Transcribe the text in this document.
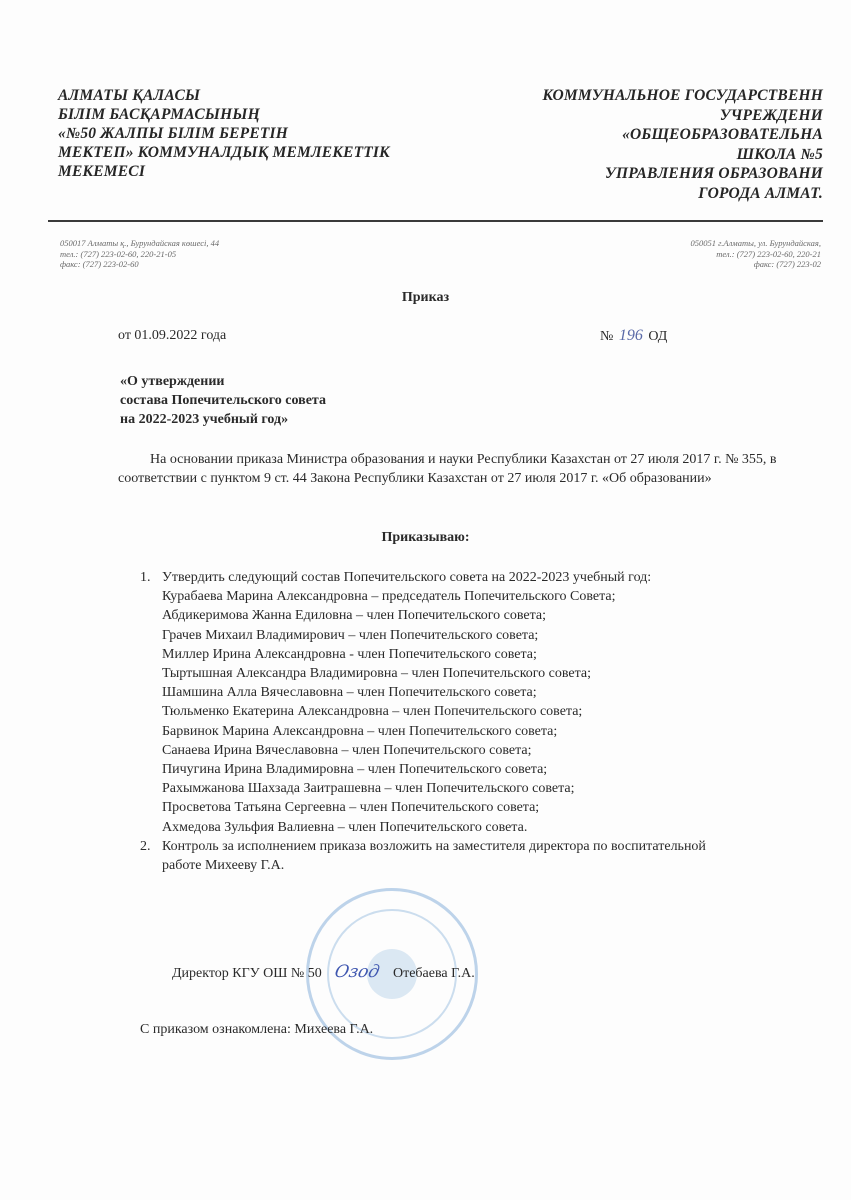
АЛМАТЫ ҚАЛАСЫ
БІЛІМ БАСҚАРМАСЫНЫҢ
«№50 ЖАЛПЫ БІЛІМ БЕРЕТІН
МЕКТЕП» КОММУНАЛДЫҚ МЕМЛЕКЕТТІК
МЕКЕМЕСІ
КОММУНАЛЬНОЕ ГОСУДАРСТВЕНН
УЧРЕЖДЕНИ
«ОБЩЕОБРАЗОВАТЕЛЬНА
ШКОЛА №5
УПРАВЛЕНИЯ ОБРАЗОВАНИ
ГОРОДА АЛМАТ.
050017 Алматы қ., Бурундайская көшесі, 44
тел.: (727) 223-02-60, 220-21-05
факс: (727) 223-02-60
050051 г.Алматы, ул. Бурундайская,
тел.: (727) 223-02-60, 220-21
факс: (727) 223-02
Приказ
от 01.09.2022 года	№ 196 ОД
«О утверждении
состава Попечительского совета
на 2022-2023 учебный год»
На основании приказа Министра образования и науки Республики Казахстан от 27 июля 2017 г. № 355, в соответствии с пунктом 9 ст. 44 Закона Республики Казахстан от 27 июля 2017 г. «Об образовании»
Приказываю:
1. Утвердить следующий состав Попечительского совета на 2022-2023 учебный год:
Курабаева Марина Александровна – председатель Попечительского Совета;
Абдикеримова Жанна Едиловна – член Попечительского совета;
Грачев Михаил Владимирович – член Попечительского совета;
Миллер Ирина Александровна - член Попечительского совета;
Тыртышная Александра Владимировна – член Попечительского совета;
Шамшина Алла Вячеславовна – член Попечительского совета;
Тюльменко Екатерина Александровна – член Попечительского совета;
Барвинок Марина Александровна – член Попечительского совета;
Санаева Ирина Вячеславовна – член Попечительского совета;
Пичугина Ирина Владимировна – член Попечительского совета;
Рахымжанова Шахзада Заитрашевна – член Попечительского совета;
Просветова Татьяна Сергеевна – член Попечительского совета;
Ахмедова Зульфия Валиевна – член Попечительского совета.
2. Контроль за исполнением приказа возложить на заместителя директора по воспитательной работе Михееву Г.А.
Директор КГУ ОШ № 50 Озод Отебаева Г.А.
С приказом ознакомлена: Михеева Г.А.
